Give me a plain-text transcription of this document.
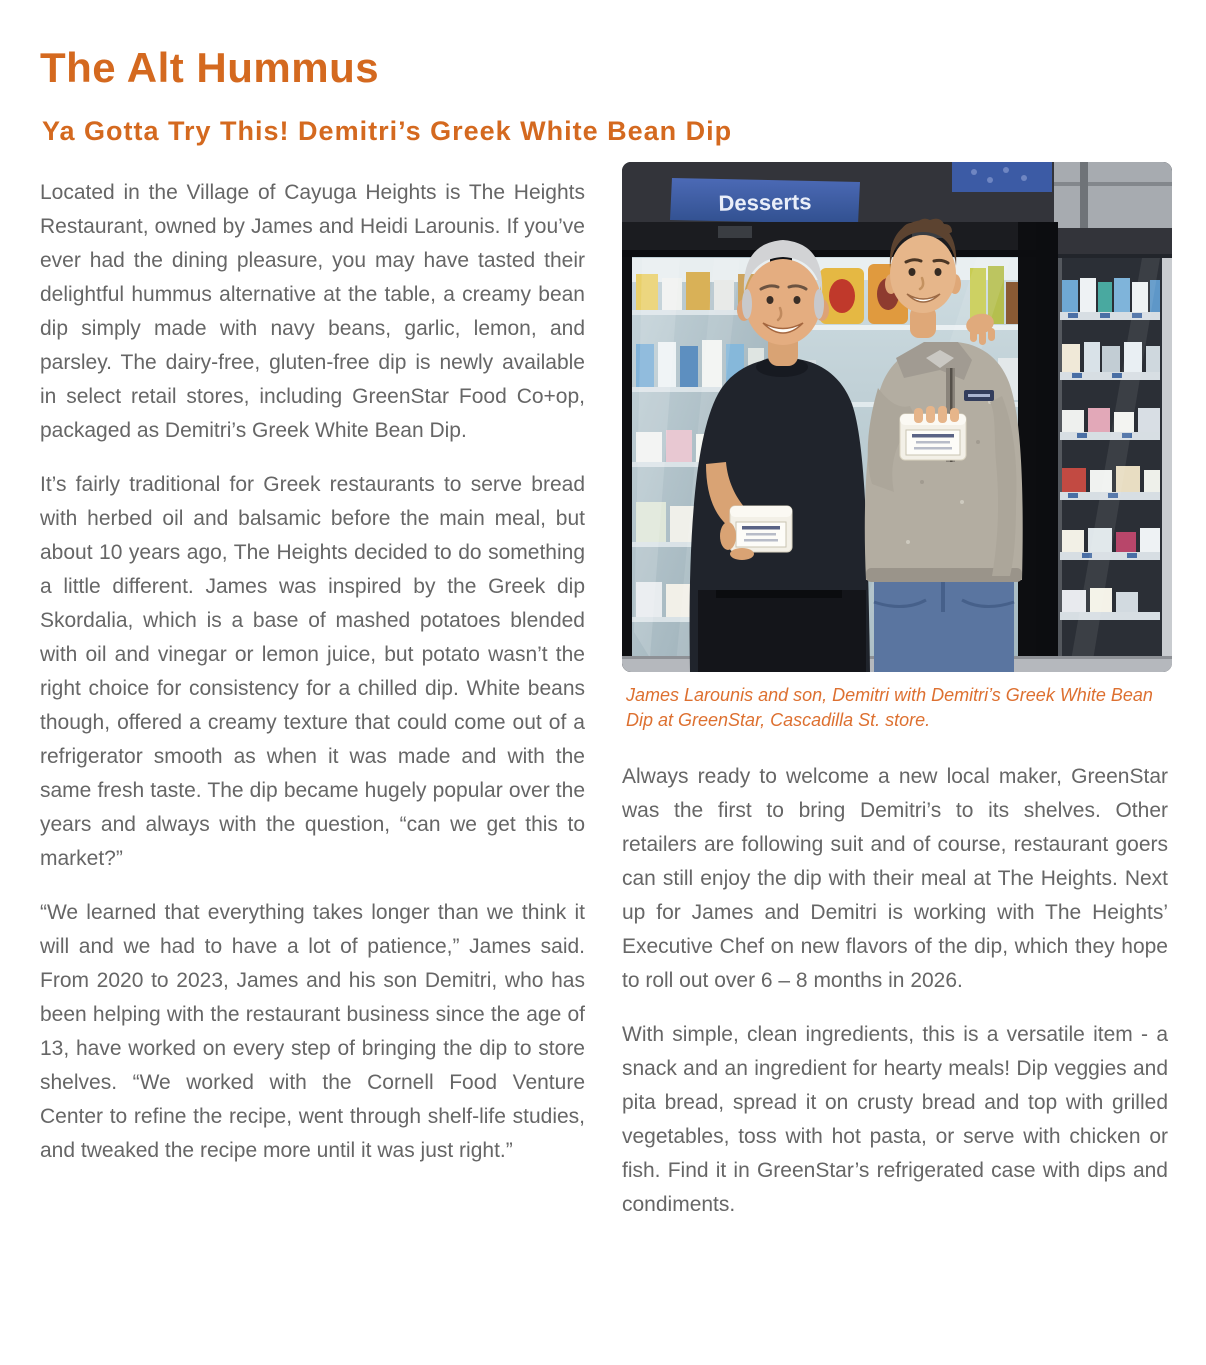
The Alt Hummus
Ya Gotta Try This! Demitri’s Greek White Bean Dip

Located in the Village of Cayuga Heights is The Heights Restaurant, owned by James and Heidi Larounis. If you’ve ever had the dining pleasure, you may have tasted their delightful hummus alternative at the table, a creamy bean dip simply made with navy beans, garlic, lemon, and parsley. The dairy-free, gluten-free dip is newly available in select retail stores, including GreenStar Food Co+op, packaged as Demitri’s Greek White Bean Dip.

It’s fairly traditional for Greek restaurants to serve bread with herbed oil and balsamic before the main meal, but about 10 years ago, The Heights decided to do something a little different. James was inspired by the Greek dip Skordalia, which is a base of mashed potatoes blended with oil and vinegar or lemon juice, but potato wasn’t the right choice for consistency for a chilled dip. White beans though, offered a creamy texture that could come out of a refrigerator smooth as when it was made and with the same fresh taste. The dip became hugely popular over the years and always with the question, “can we get this to market?”

“We learned that everything takes longer than we think it will and we had to have a lot of patience,” James said. From 2020 to 2023, James and his son Demitri, who has been helping with the restaurant business since the age of 13, have worked on every step of bringing the dip to store shelves. “We worked with the Cornell Food Venture Center to refine the recipe, went through shelf-life studies, and tweaked the recipe more until it was just right.”

Desserts
James Larounis and son, Demitri with Demitri’s Greek White Bean Dip at GreenStar, Cascadilla St. store.

Always ready to welcome a new local maker, GreenStar was the first to bring Demitri’s to its shelves. Other retailers are following suit and of course, restaurant goers can still enjoy the dip with their meal at The Heights. Next up for James and Demitri is working with The Heights’ Executive Chef on new flavors of the dip, which they hope to roll out over 6 – 8 months in 2026.

With simple, clean ingredients, this is a versatile item - a snack and an ingredient for hearty meals! Dip veggies and pita bread, spread it on crusty bread and top with grilled vegetables, toss with hot pasta, or serve with chicken or fish. Find it in GreenStar’s refrigerated case with dips and condiments.
